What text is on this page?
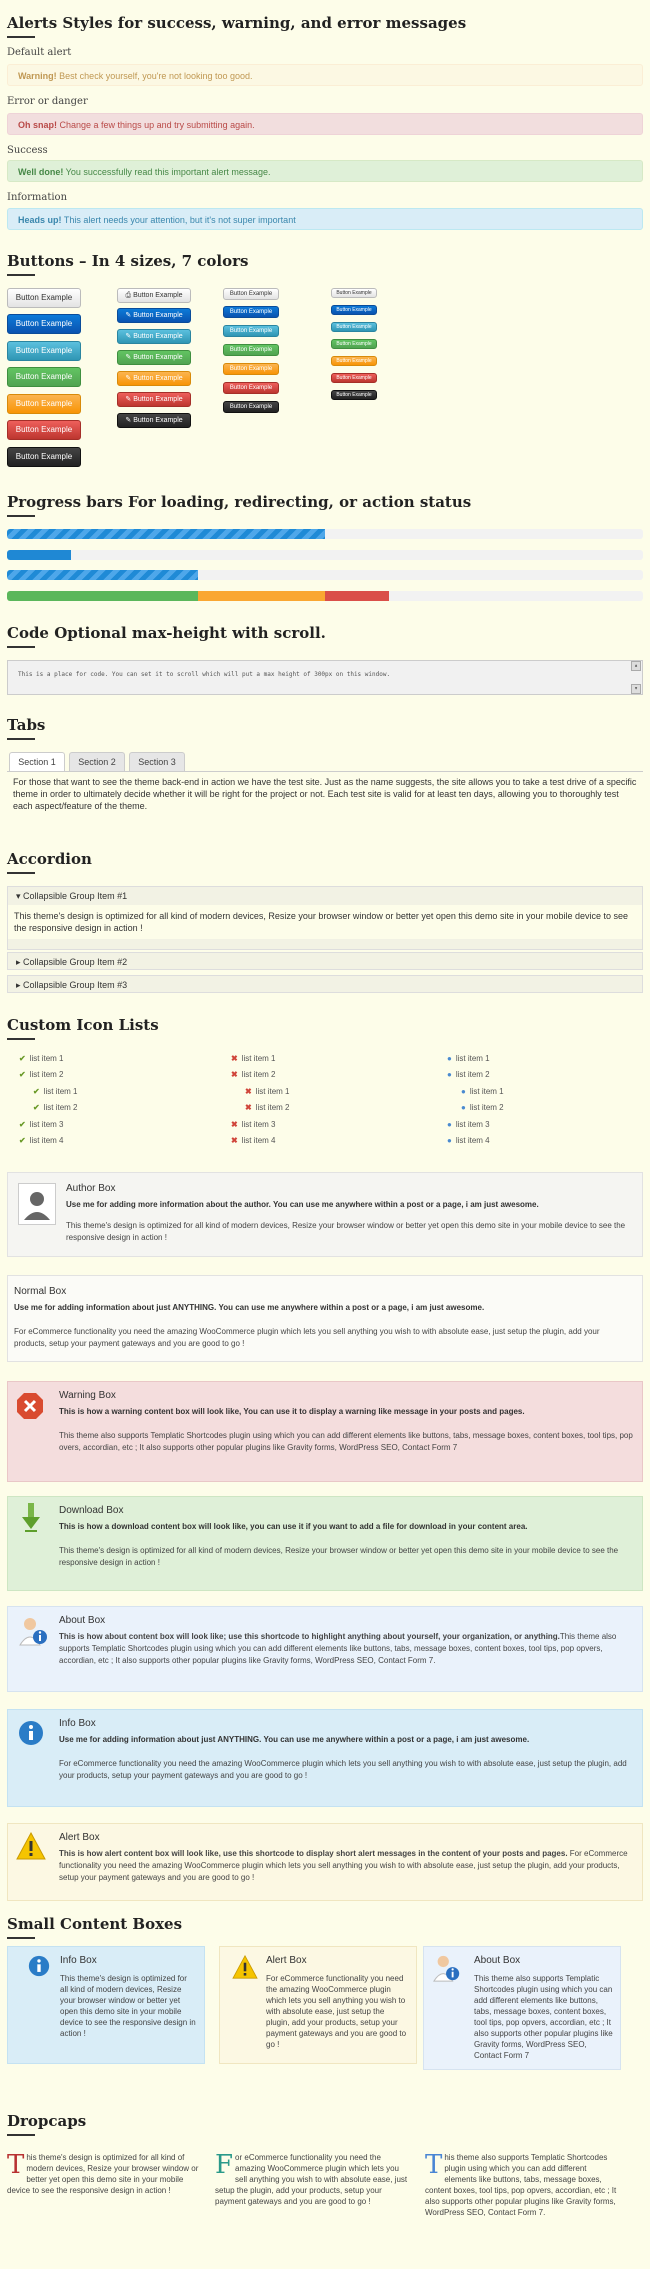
Alerts Styles for success, warning, and error messages
Default alert
Warning! Best check yourself, you're not looking too good.
Error or danger
Oh snap! Change a few things up and try submitting again.
Success
Well done! You successfully read this important alert message.
Information
Heads up! This alert needs your attention, but it's not super important
Buttons – In 4 sizes, 7 colors
Button Example
Button Example
Button Example
Button Example
Button Example
Button Example
Button Example
⎙ Button Example
✎ Button Example
✎ Button Example
✎ Button Example
✎ Button Example
✎ Button Example
✎ Button Example
Button Example
Button Example
Button Example
Button Example
Button Example
Button Example
Button Example
Button Example
Button Example
Button Example
Button Example
Button Example
Button Example
Button Example
Progress bars For loading, redirecting, or action status
Code Optional max-height with scroll.
This is a place for code. You can set it to scroll which will put a max height of 300px on this window.
▴
▾
Tabs
Section 1	Section 2	Section 3
For those that want to see the theme back-end in action we have the test site. Just as the name suggests, the site allows you to take a test drive of a specific theme in order to ultimately decide whether it will be right for the project or not. Each test site is valid for at least ten days, allowing you to thoroughly test each aspect/feature of the theme.
Accordion
▾ Collapsible Group Item #1
This theme's design is optimized for all kind of modern devices, Resize your browser window or better yet open this demo site in your mobile device to see the responsive design in action !
▸ Collapsible Group Item #2
▸ Collapsible Group Item #3
Custom Icon Lists
✔ list item 1
✔ list item 2
✔ list item 1
✔ list item 2
✔ list item 3
✔ list item 4
✖ list item 1
✖ list item 2
✖ list item 1
✖ list item 2
✖ list item 3
✖ list item 4
● list item 1
● list item 2
● list item 1
● list item 2
● list item 3
● list item 4
Author Box
Use me for adding more information about the author. You can use me anywhere within a post or a page, i am just awesome.
This theme's design is optimized for all kind of modern devices, Resize your browser window or better yet open this demo site in your mobile device to see the responsive design in action !
Normal Box
Use me for adding information about just ANYTHING. You can use me anywhere within a post or a page, i am just awesome.
For eCommerce functionality you need the amazing WooCommerce plugin which lets you sell anything you wish to with absolute ease, just setup the plugin, add your products, setup your payment gateways and you are good to go !
Warning Box
This is how a warning content box will look like, You can use it to display a warning like message in your posts and pages.
This theme also supports Templatic Shortcodes plugin using which you can add different elements like buttons, tabs, message boxes, content boxes, tool tips, pop overs, accordian, etc ; It also supports other popular plugins like Gravity forms, WordPress SEO, Contact Form 7
Download Box
This is how a download content box will look like, you can use it if you want to add a file for download in your content area.
This theme's design is optimized for all kind of modern devices, Resize your browser window or better yet open this demo site in your mobile device to see the responsive design in action !
About Box
This is how about content box will look like; use this shortcode to highlight anything about yourself, your organization, or anything.This theme also supports Templatic Shortcodes plugin using which you can add different elements like buttons, tabs, message boxes, content boxes, tool tips, pop opvers, accordian, etc ; It also supports other popular plugins like Gravity forms, WordPress SEO, Contact Form 7.
Info Box
Use me for adding information about just ANYTHING. You can use me anywhere within a post or a page, i am just awesome.
For eCommerce functionality you need the amazing WooCommerce plugin which lets you sell anything you wish to with absolute ease, just setup the plugin, add your products, setup your payment gateways and you are good to go !
Alert Box
This is how alert content box will look like, use this shortcode to display short alert messages in the content of your posts and pages. For eCommerce functionality you need the amazing WooCommerce plugin which lets you sell anything you wish to with absolute ease, just setup the plugin, add your products, setup your payment gateways and you are good to go !
Small Content Boxes
Info Box
This theme's design is optimized for all kind of modern devices, Resize your browser window or better yet open this demo site in your mobile device to see the responsive design in action !
Alert Box
For eCommerce functionality you need the amazing WooCommerce plugin which lets you sell anything you wish to with absolute ease, just setup the plugin, add your products, setup your payment gateways and you are good to go !
About Box
This theme also supports Templatic Shortcodes plugin using which you can add different elements like buttons, tabs, message boxes, content boxes, tool tips, pop opvers, accordian, etc ; It also supports other popular plugins like Gravity forms, WordPress SEO, Contact Form 7
Dropcaps
This theme's design is optimized for all kind of modern devices, Resize your browser window or better yet open this demo site in your mobile device to see the responsive design in action !
For eCommerce functionality you need the amazing WooCommerce plugin which lets you sell anything you wish to with absolute ease, just setup the plugin, add your products, setup your payment gateways and you are good to go !
This theme also supports Templatic Shortcodes plugin using which you can add different elements like buttons, tabs, message boxes, content boxes, tool tips, pop opvers, accordian, etc ; It also supports other popular plugins like Gravity forms, WordPress SEO, Contact Form 7.
